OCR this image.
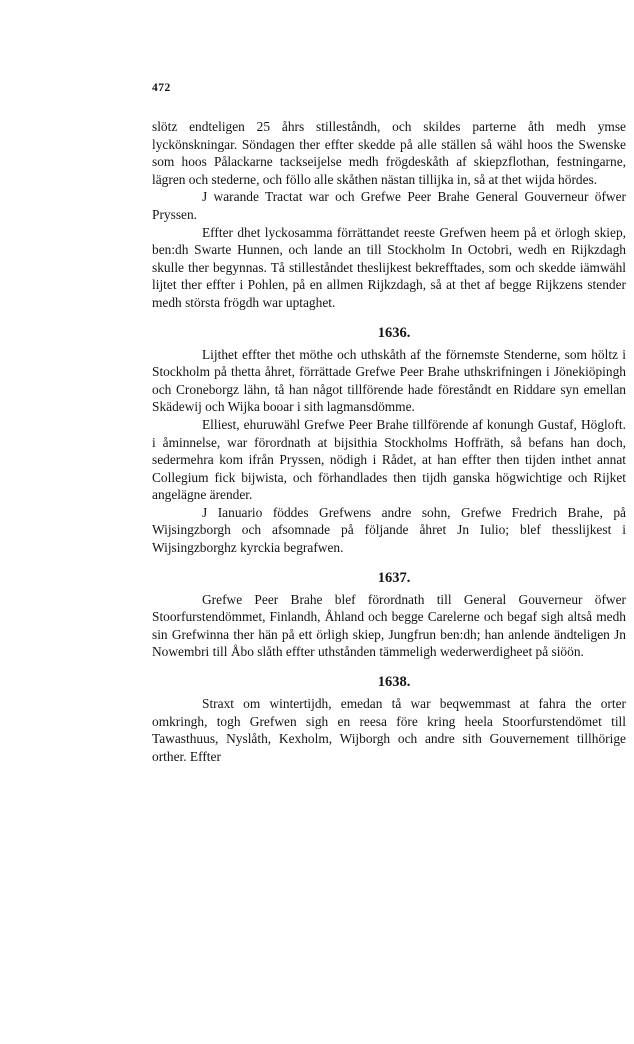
472

slötz endteligen 25 åhrs stilleståndh, och skildes parterne åth medh ymse lyckönskningar. Söndagen ther effter skedde på alle ställen så wähl hoos the Swenske som hoos Pålackarne tackseijelse medh frögdeskåth af skiepzflothan, festningarne, lägren och stederne, och föllo alle skåthen nästan tillijka in, så at thet wijda hördes.

J warande Tractat war och Grefwe Peer Brahe General Gouverneur öfwer Pryssen.

Effter dhet lyckosamma förrättandet reeste Grefwen heem på et örlogh skiep, ben:dh Swarte Hunnen, och lande an till Stockholm In Octobri, wedh en Rijkzdagh skulle ther begynnas. Tå stilleståndet theslijkest bekrefftades, som och skedde iämwähl lijtet ther effter i Pohlen, på en allmen Rijkzdagh, så at thet af begge Rijkzens stender medh största frögdh war uptaghet.

1636.

Lijthet effter thet möthe och uthskåth af the förnemste Stenderne, som höltz i Stockholm på thetta åhret, förrättade Grefwe Peer Brahe uthskrifningen i Jönekiöpingh och Croneborgz lähn, tå han något tillförende hade föreståndt en Riddare syn emellan Skädewij och Wijka booar i sith lagmansdömme.

Elliest, ehuruwähl Grefwe Peer Brahe tillförende af konungh Gustaf, Högloft. i åminnelse, war förordnath at bijsithia Stockholms Hoffräth, så befans han doch, sedermehra kom ifrån Pryssen, nödigh i Rådet, at han effter then tijden inthet annat Collegium fick bijwista, och förhandlades then tijdh ganska högwichtige och Rijket angelägne ärender.

J Ianuario föddes Grefwens andre sohn, Grefwe Fredrich Brahe, på Wijsingzborgh och afsomnade på följande åhret Jn Iulio; blef thesslijkest i Wijsingzborghz kyrckia begrafwen.

1637.

Grefwe Peer Brahe blef förordnath till General Gouverneur öfwer Stoorfurstendömmet, Finlandh, Åhland och begge Carelerne och begaf sigh altså medh sin Grefwinna ther hän på ett örligh skiep, Jungfrun ben:dh; han anlende ändteligen Jn Nowembri till Åbo slåth effter uthstånden tämmeligh wederwerdigheet på siöön.

1638.

Straxt om wintertijdh, emedan tå war beqwemmast at fahra the orter omkringh, togh Grefwen sigh en reesa före kring heela Stoorfurstendömet till Tawasthuus, Nyslåth, Kexholm, Wijborgh och andre sith Gouvernement tillhörige orther. Effter
